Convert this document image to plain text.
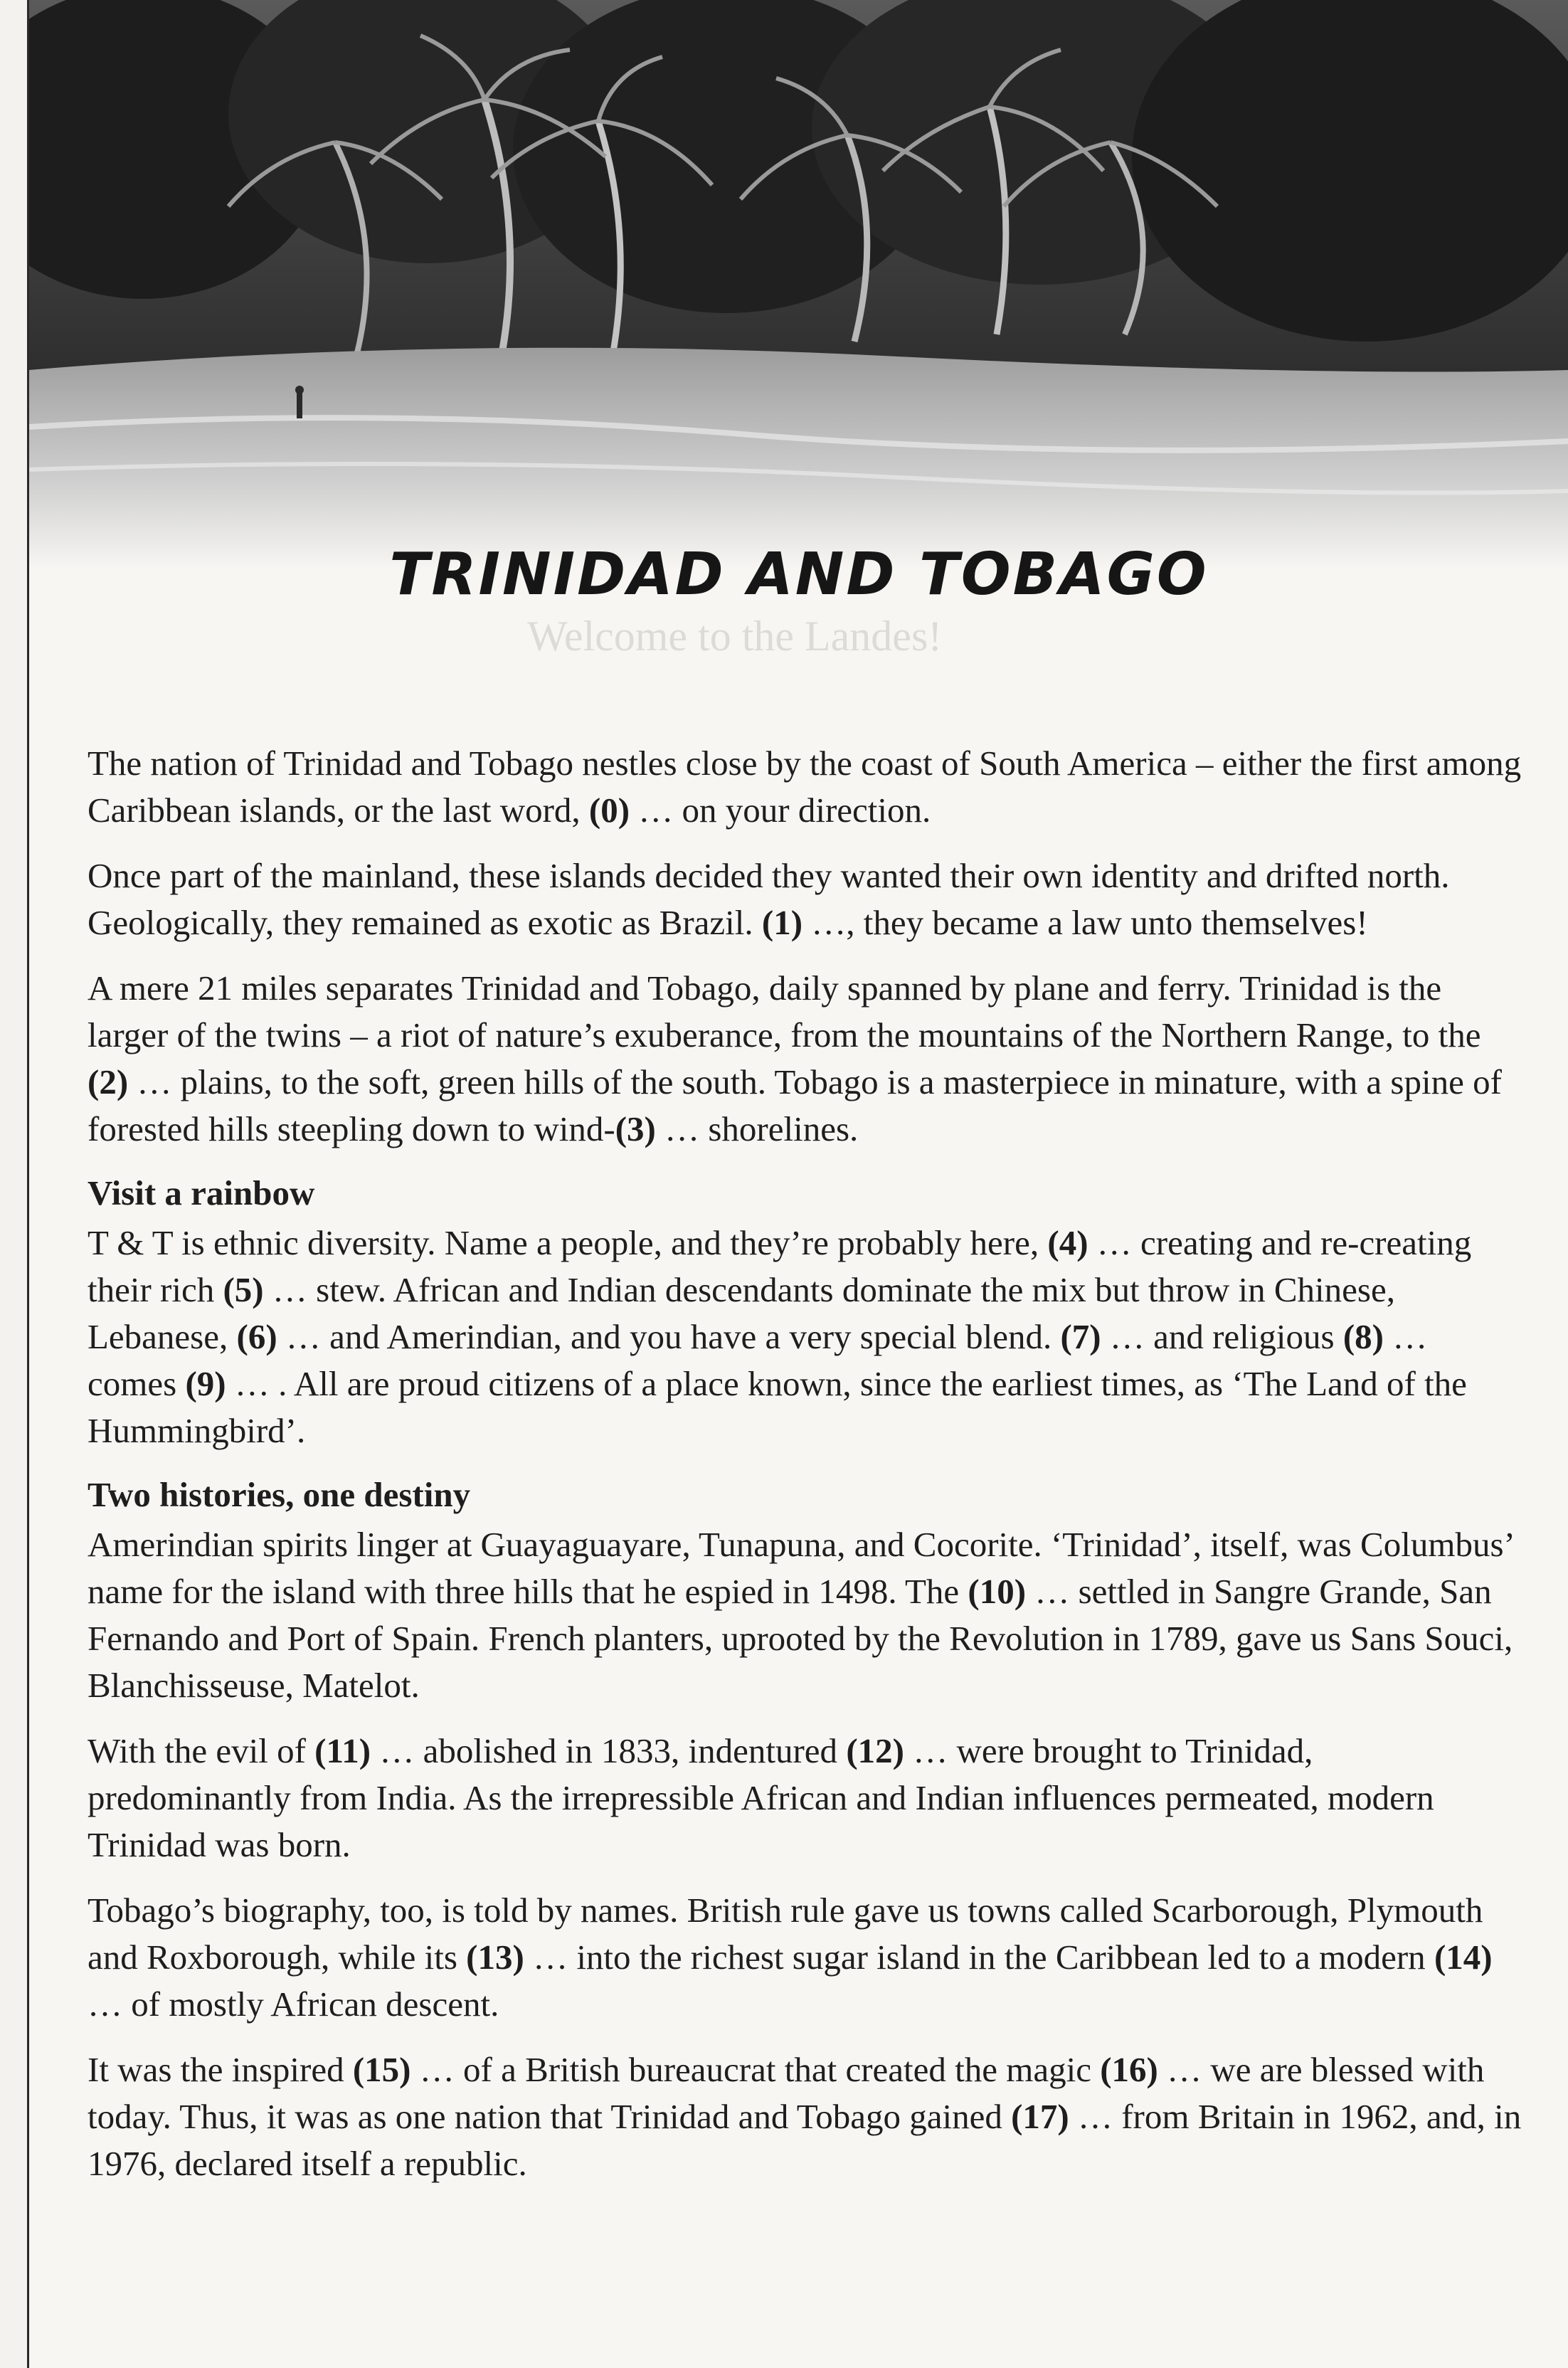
Welcome to the Landes!
TRINIDAD AND TOBAGO

The nation of Trinidad and Tobago nestles close by the coast of South America – either the first among Caribbean islands, or the last word, (0) … on your direction.

Once part of the mainland, these islands decided they wanted their own identity and drifted north. Geologically, they remained as exotic as Brazil. (1) …, they became a law unto themselves!

A mere 21 miles separates Trinidad and Tobago, daily spanned by plane and ferry. Trinidad is the larger of the twins – a riot of nature’s exuberance, from the mountains of the Northern Range, to the (2) … plains, to the soft, green hills of the south. Tobago is a masterpiece in minature, with a spine of forested hills steepling down to wind-(3) … shorelines.

Visit a rainbow

T & T is ethnic diversity. Name a people, and they’re probably here, (4) … creating and re-creating their rich (5) … stew. African and Indian descendants dominate the mix but throw in Chinese, Lebanese, (6) … and Amerindian, and you have a very special blend. (7) … and religious (8) … comes (9) … . All are proud citizens of a place known, since the earliest times, as ‘The Land of the Hummingbird’.

Two histories, one destiny

Amerindian spirits linger at Guayaguayare, Tunapuna, and Cocorite. ‘Trinidad’, itself, was Columbus’ name for the island with three hills that he espied in 1498. The (10) … settled in Sangre Grande, San Fernando and Port of Spain. French planters, uprooted by the Revolution in 1789, gave us Sans Souci, Blanchisseuse, Matelot.

With the evil of (11) … abolished in 1833, indentured (12) … were brought to Trinidad, predominantly from India. As the irrepressible African and Indian influences permeated, modern Trinidad was born.

Tobago’s biography, too, is told by names. British rule gave us towns called Scarborough, Plymouth and Roxborough, while its (13) … into the richest sugar island in the Caribbean led to a modern (14) … of mostly African descent.

It was the inspired (15) … of a British bureaucrat that created the magic (16) … we are blessed with today. Thus, it was as one nation that Trinidad and Tobago gained (17) … from Britain in 1962, and, in 1976, declared itself a republic.
